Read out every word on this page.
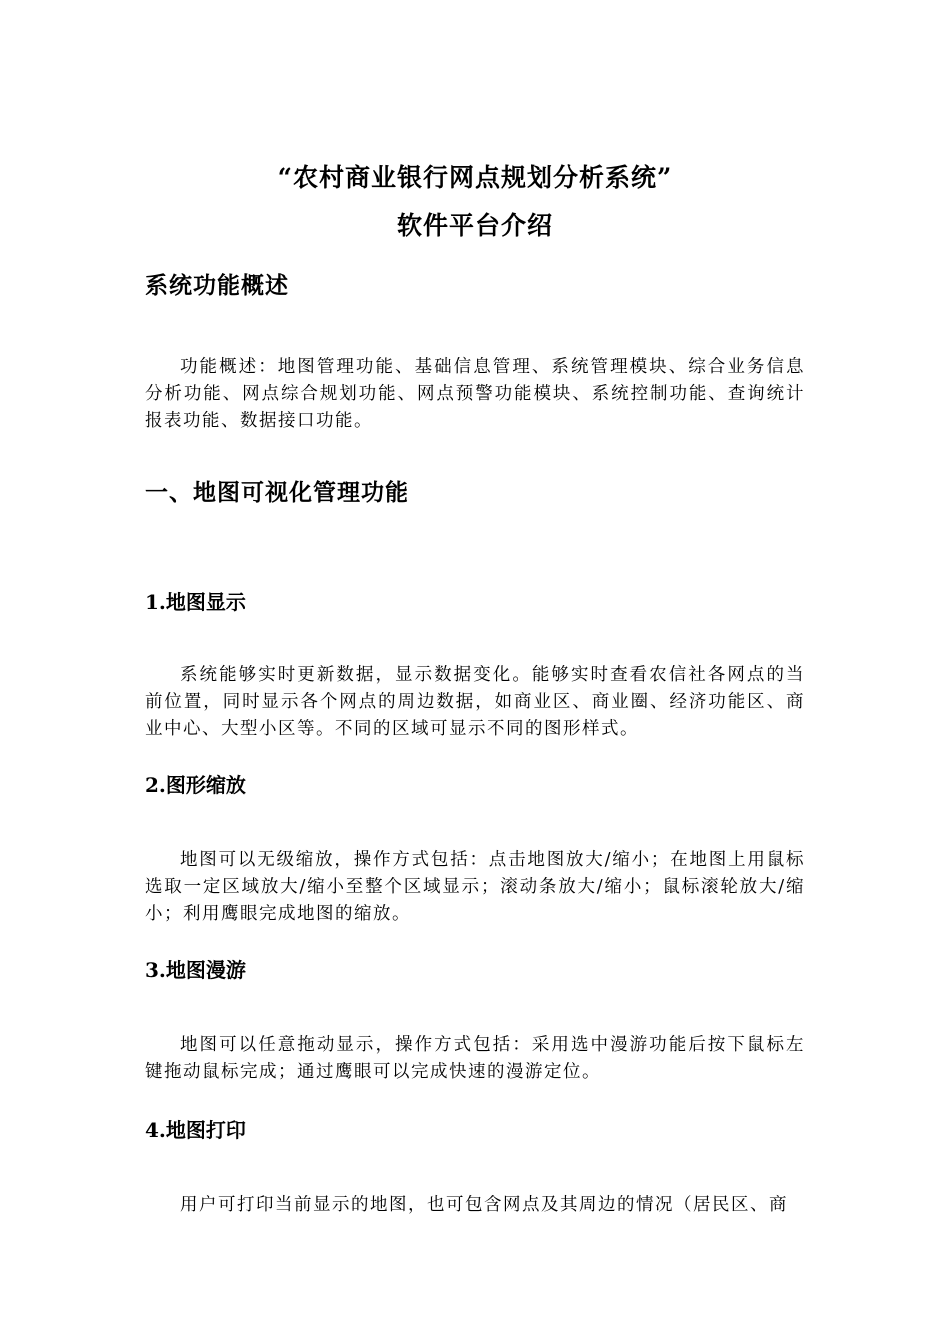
“农村商业银行网点规划分析系统”
软件平台介绍
系统功能概述

功能概述：地图管理功能、基础信息管理、系统管理模块、综合业务信息分析功能、网点综合规划功能、网点预警功能模块、系统控制功能、查询统计报表功能、数据接口功能。

一、地图可视化管理功能
1.地图显示

系统能够实时更新数据，显示数据变化。能够实时查看农信社各网点的当前位置，同时显示各个网点的周边数据，如商业区、商业圈、经济功能区、商业中心、大型小区等。不同的区域可显示不同的图形样式。

2.图形缩放

地图可以无级缩放，操作方式包括：点击地图放大/缩小；在地图上用鼠标选取一定区域放大/缩小至整个区域显示；滚动条放大/缩小；鼠标滚轮放大/缩小；利用鹰眼完成地图的缩放。

3.地图漫游

地图可以任意拖动显示，操作方式包括：采用选中漫游功能后按下鼠标左键拖动鼠标完成；通过鹰眼可以完成快速的漫游定位。

4.地图打印

用户可打印当前显示的地图，也可包含网点及其周边的情况（居民区、商
